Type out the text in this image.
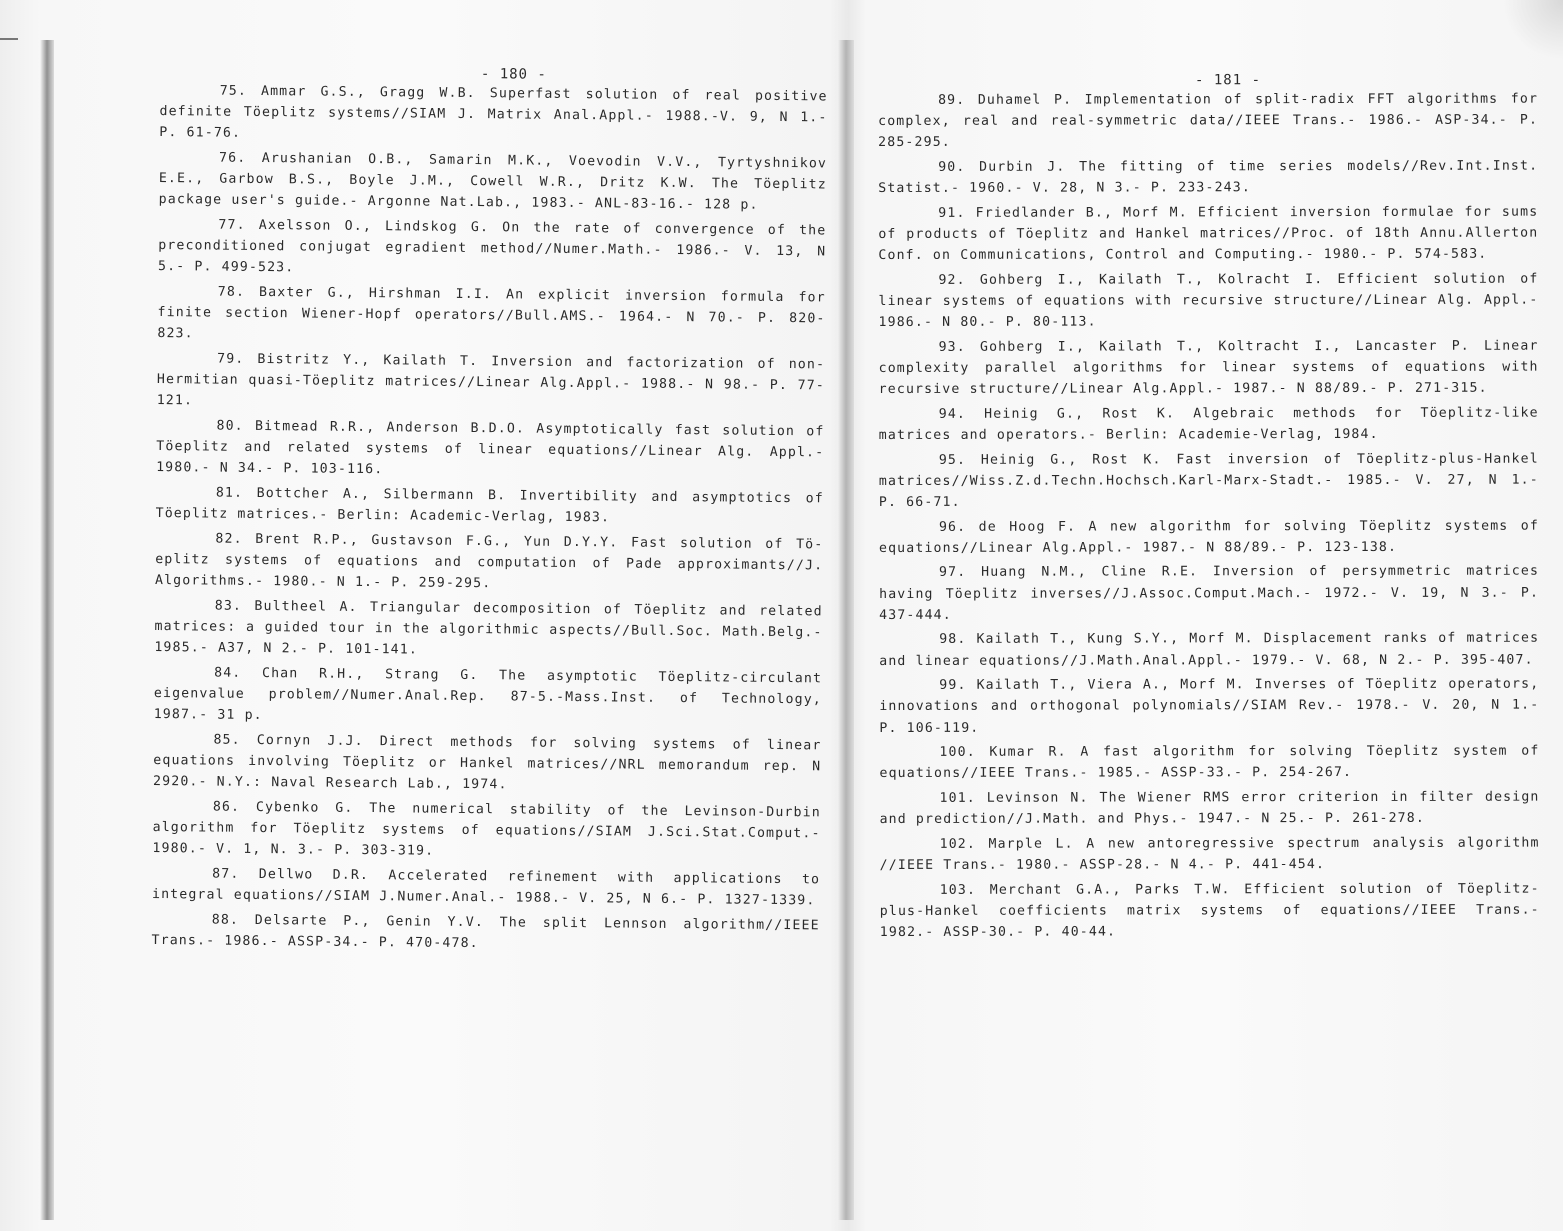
- 180 -

75. Ammar G.S., Gragg W.B. Superfast solution of real positive definite Töeplitz systems//SIAM J. Matrix Anal.Appl.- 1988.-V. 9, N 1.- P. 61-76.

76. Arushanian O.B., Samarin M.K., Voevodin V.V., Tyrtyshnikov E.E., Garbow B.S., Boyle J.M., Cowell W.R., Dritz K.W. The Töeplitz package user's guide.- Argonne Nat.Lab., 1983.- ANL-83-16.- 128 p.

77. Axelsson O., Lindskog G. On the rate of convergence of the preconditioned conjugat egradient method//Numer.Math.- 1986.- V. 13, N 5.- P. 499-523.

78. Baxter G., Hirshman I.I. An explicit inversion formula for finite section Wiener-Hopf operators//Bull.AMS.- 1964.- N 70.- P. 820-823.

79. Bistritz Y., Kailath T. Inversion and factorization of non-Hermitian quasi-Töeplitz matrices//Linear Alg.Appl.- 1988.- N 98.- P. 77-121.

80. Bitmead R.R., Anderson B.D.O. Asymptotically fast solution of Töeplitz and related systems of linear equations//Linear Alg. Appl.- 1980.- N 34.- P. 103-116.

81. Bottcher A., Silbermann B. Invertibility and asymptotics of Töeplitz matrices.- Berlin: Academic-Verlag, 1983.

82. Brent R.P., Gustavson F.G., Yun D.Y.Y. Fast solution of Tö-eplitz systems of equations and computation of Pade approximants//J. Algorithms.- 1980.- N 1.- P. 259-295.

83. Bultheel A. Triangular decomposition of Töeplitz and related matrices: a guided tour in the algorithmic aspects//Bull.Soc. Math.Belg.- 1985.- A37, N 2.- P. 101-141.

84. Chan R.H., Strang G. The asymptotic Töeplitz-circulant eigenvalue problem//Numer.Anal.Rep. 87-5.-Mass.Inst. of Technology, 1987.- 31 p.

85. Cornyn J.J. Direct methods for solving systems of linear equations involving Töeplitz or Hankel matrices//NRL memorandum rep. N 2920.- N.Y.: Naval Research Lab., 1974.

86. Cybenko G. The numerical stability of the Levinson-Durbin algorithm for Töeplitz systems of equations//SIAM J.Sci.Stat.Comput.- 1980.- V. 1, N. 3.- P. 303-319.

87. Dellwo D.R. Accelerated refinement with applications to integral equations//SIAM J.Numer.Anal.- 1988.- V. 25, N 6.- P. 1327-1339.

88. Delsarte P., Genin Y.V. The split Lennson algorithm//IEEE Trans.- 1986.- ASSP-34.- P. 470-478.

- 181 -

89. Duhamel P. Implementation of split-radix FFT algorithms for complex, real and real-symmetric data//IEEE Trans.- 1986.- ASP-34.- P. 285-295.

90. Durbin J. The fitting of time series models//Rev.Int.Inst. Statist.- 1960.- V. 28, N 3.- P. 233-243.

91. Friedlander B., Morf M. Efficient inversion formulae for sums of products of Töeplitz and Hankel matrices//Proc. of 18th Annu.Allerton Conf. on Communications, Control and Computing.- 1980.- P. 574-583.

92. Gohberg I., Kailath T., Kolracht I. Efficient solution of linear systems of equations with recursive structure//Linear Alg. Appl.- 1986.- N 80.- P. 80-113.

93. Gohberg I., Kailath T., Koltracht I., Lancaster P. Linear complexity parallel algorithms for linear systems of equations with recursive structure//Linear Alg.Appl.- 1987.- N 88/89.- P. 271-315.

94. Heinig G., Rost K. Algebraic methods for Töeplitz-like matrices and operators.- Berlin: Academie-Verlag, 1984.

95. Heinig G., Rost K. Fast inversion of Töeplitz-plus-Hankel matrices//Wiss.Z.d.Techn.Hochsch.Karl-Marx-Stadt.- 1985.- V. 27, N 1.- P. 66-71.

96. de Hoog F. A new algorithm for solving Töeplitz systems of equations//Linear Alg.Appl.- 1987.- N 88/89.- P. 123-138.

97. Huang N.M., Cline R.E. Inversion of persymmetric matrices having Töeplitz inverses//J.Assoc.Comput.Mach.- 1972.- V. 19, N 3.- P. 437-444.

98. Kailath T., Kung S.Y., Morf M. Displacement ranks of matrices and linear equations//J.Math.Anal.Appl.- 1979.- V. 68, N 2.- P. 395-407.

99. Kailath T., Viera A., Morf M. Inverses of Töeplitz operators, innovations and orthogonal polynomials//SIAM Rev.- 1978.- V. 20, N 1.- P. 106-119.

100. Kumar R. A fast algorithm for solving Töeplitz system of equations//IEEE Trans.- 1985.- ASSP-33.- P. 254-267.

101. Levinson N. The Wiener RMS error criterion in filter design and prediction//J.Math. and Phys.- 1947.- N 25.- P. 261-278.

102. Marple L. A new antoregressive spectrum analysis algorithm //IEEE Trans.- 1980.- ASSP-28.- N 4.- P. 441-454.

103. Merchant G.A., Parks T.W. Efficient solution of Töeplitz-plus-Hankel coefficients matrix systems of equations//IEEE Trans.- 1982.- ASSP-30.- P. 40-44.
